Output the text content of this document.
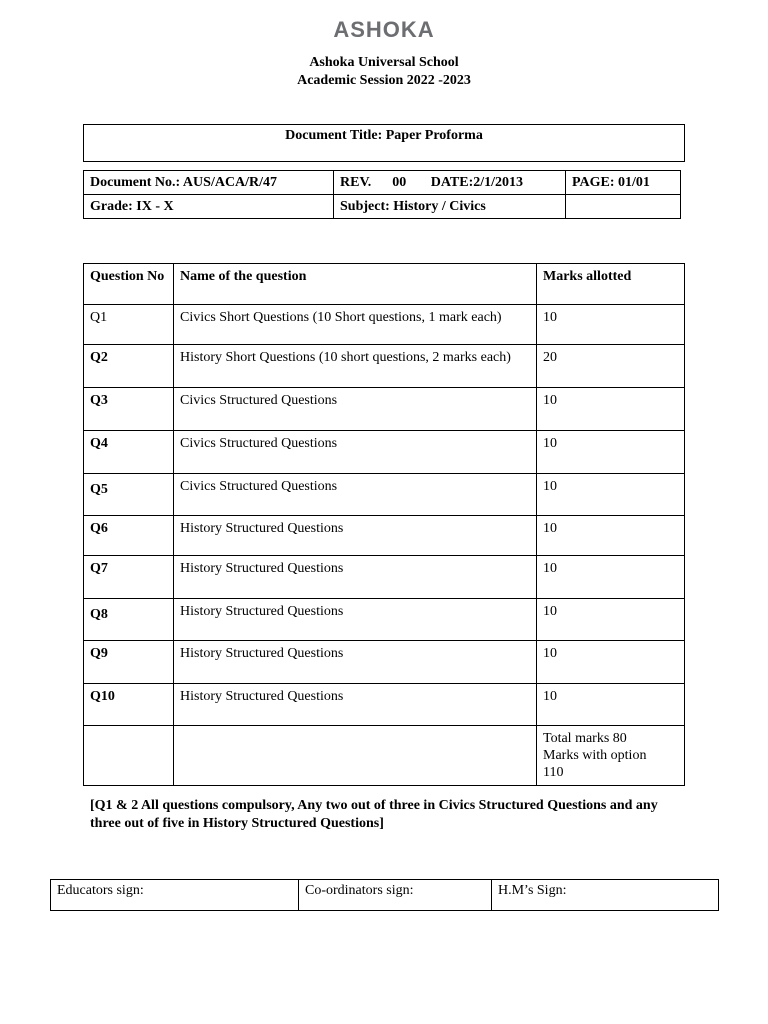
ASHOKA
Ashoka Universal School
Academic Session 2022 -2023
Document Title: Paper Proforma
Document No.: AUS/ACA/R/47	REV.      00       DATE:2/1/2013	PAGE: 01/01
Grade: IX - X	Subject: History / Civics	
Question No	Name of the question	Marks allotted
Q1	Civics Short Questions (10 Short questions, 1 mark each)	10
Q2	History Short Questions (10 short questions, 2 marks each)	20
Q3	Civics Structured Questions	10
Q4	Civics Structured Questions	10
Q5	Civics Structured Questions	10
Q6	History Structured Questions	10
Q7	History Structured Questions	10
Q8	History Structured Questions	10
Q9	History Structured Questions	10
Q10	History Structured Questions	10

		Total marks 80
Marks with option
110
[Q1 & 2 All questions compulsory, Any two out of three in Civics Structured Questions and any three out of five in History Structured Questions]
Educators sign:	Co-ordinators sign:	H.M’s Sign:
